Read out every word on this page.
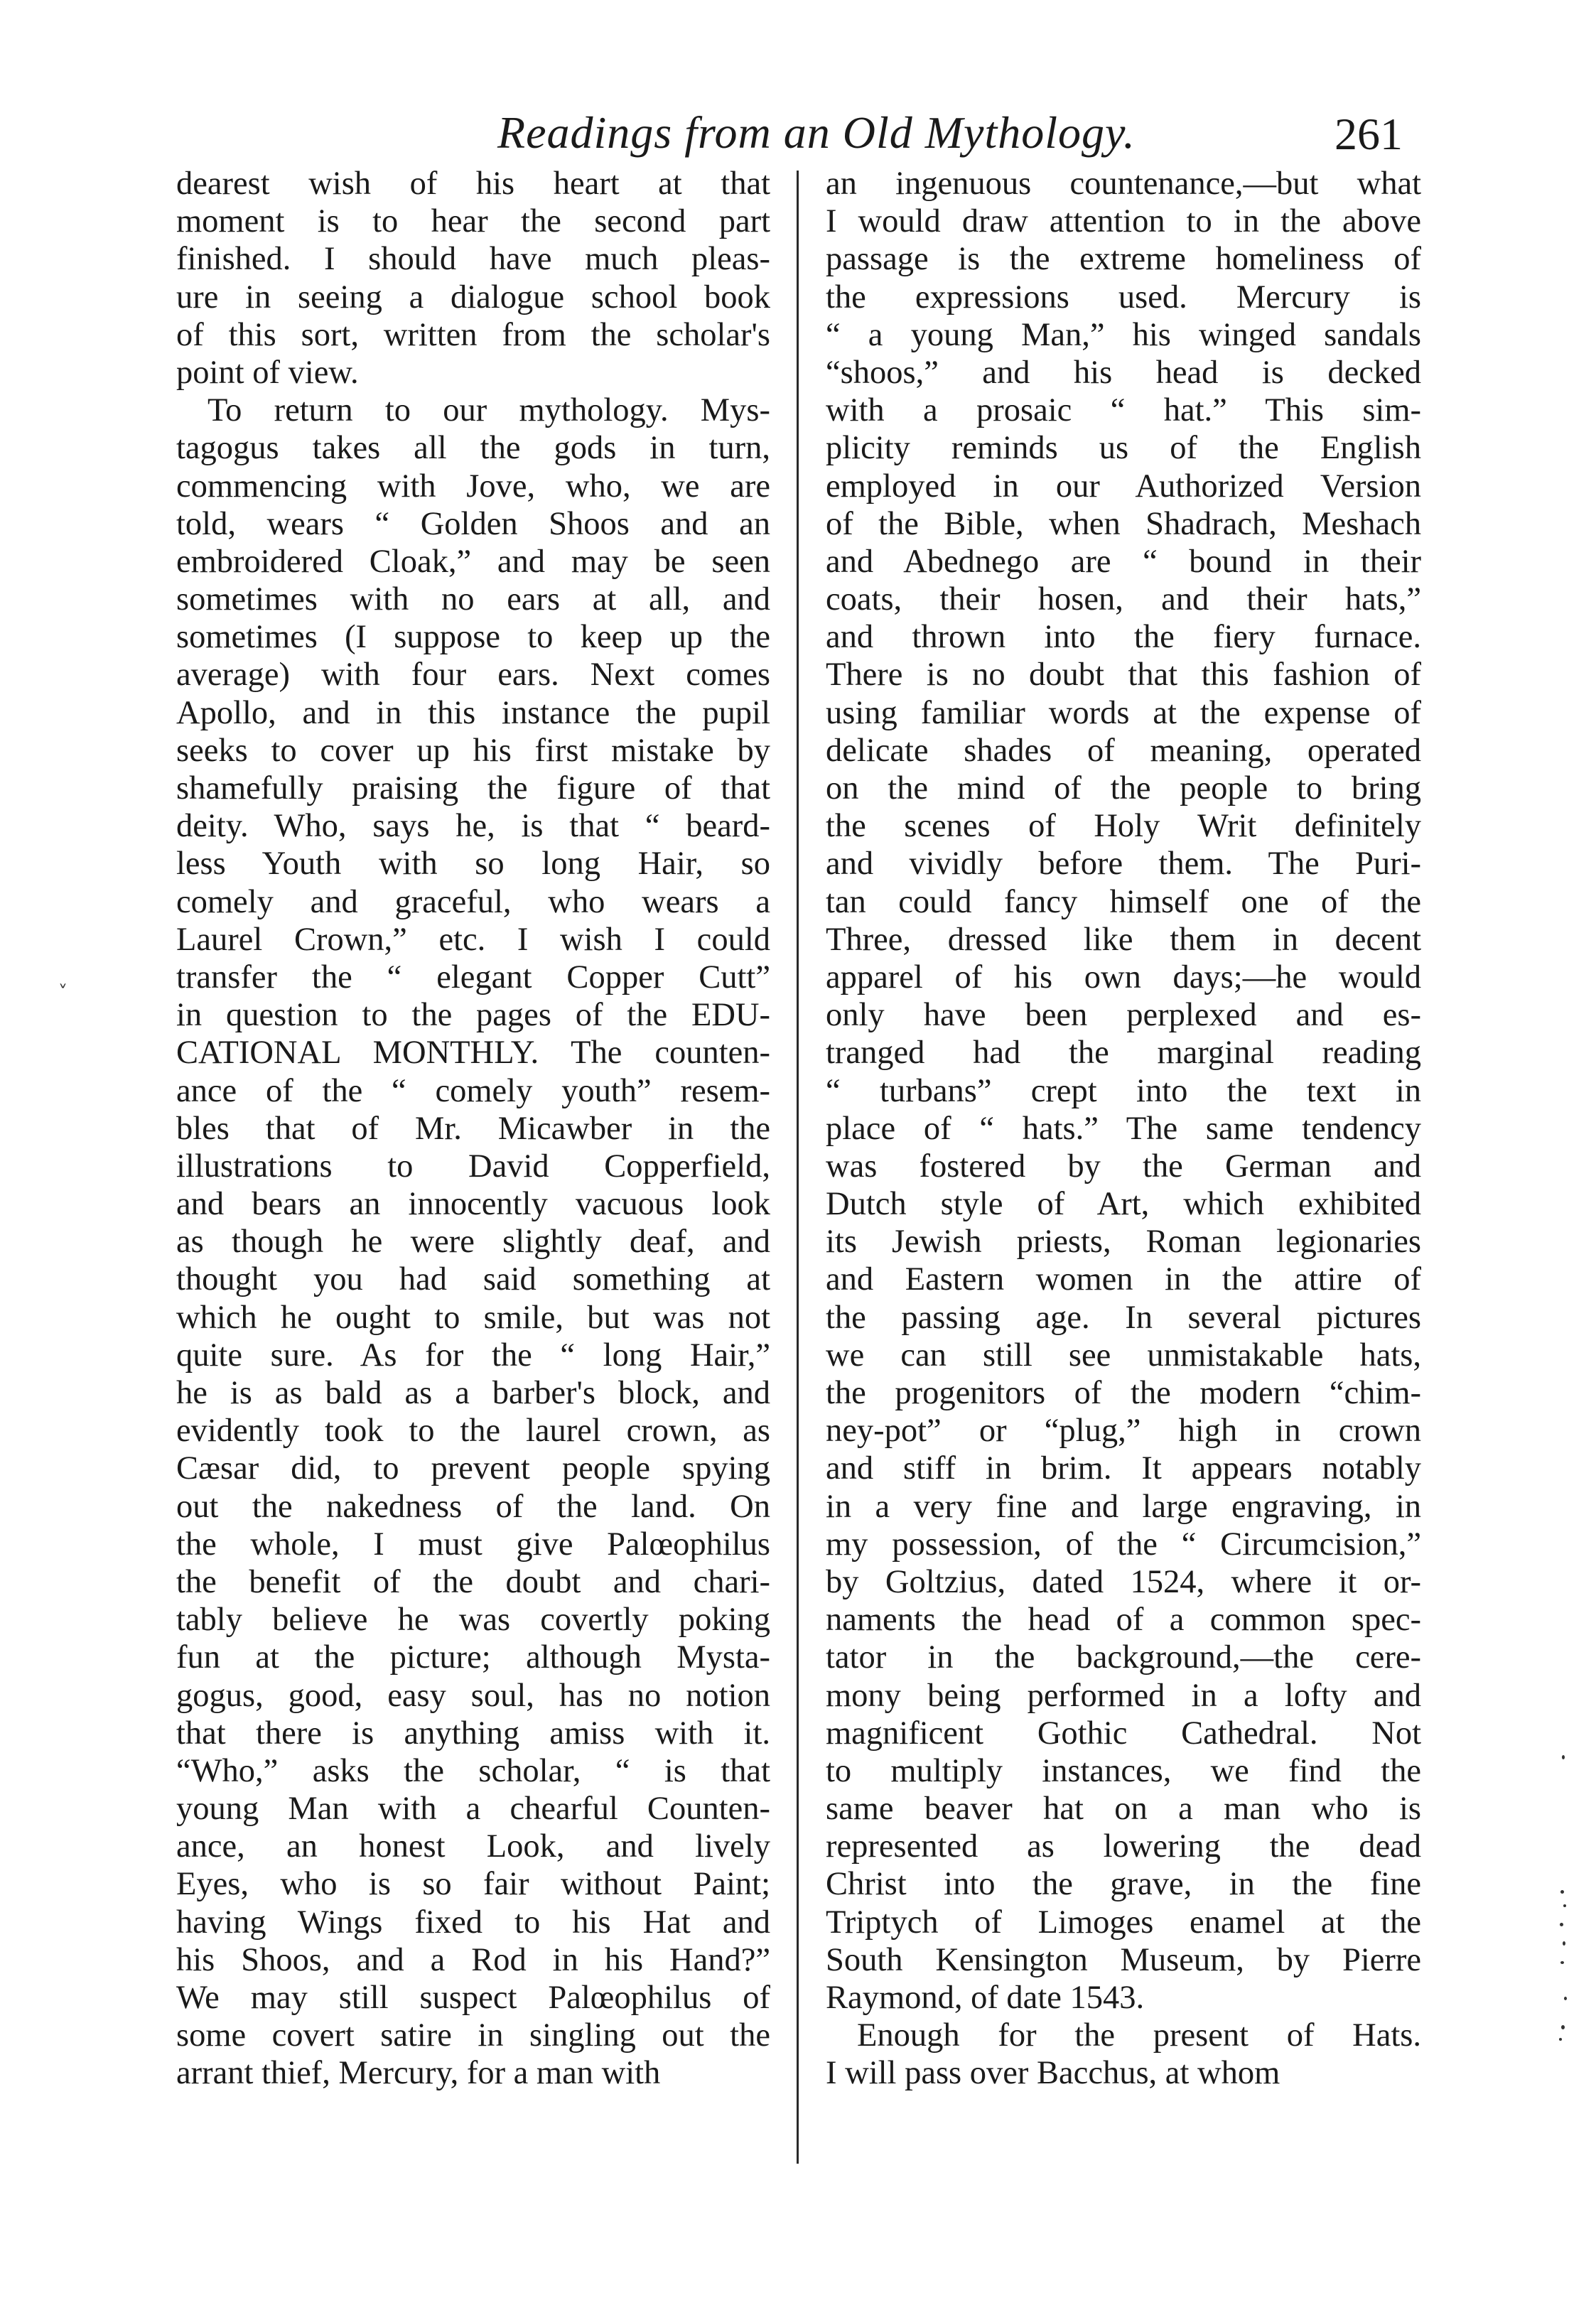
Readings from an Old Mythology.	261
dearest wish of his heart at that
moment is to hear the second part
finished. I should have much pleas-
ure in seeing a dialogue school book
of this sort, written from the scholar's
point of view.
To return to our mythology. Mys-
tagogus takes all the gods in turn,
commencing with Jove, who, we are
told, wears “ Golden Shoos and an
embroidered Cloak,” and may be seen
sometimes with no ears at all, and
sometimes (I suppose to keep up the
average) with four ears. Next comes
Apollo, and in this instance the pupil
seeks to cover up his first mistake by
shamefully praising the figure of that
deity. Who, says he, is that “ beard-
less Youth with so long Hair, so
comely and graceful, who wears a
Laurel Crown,” etc. I wish I could
transfer the “ elegant Copper Cutt”
in question to the pages of the EDU-
CATIONAL MONTHLY. The counten-
ance of the “ comely youth” resem-
bles that of Mr. Micawber in the
illustrations to David Copperfield,
and bears an innocently vacuous look
as though he were slightly deaf, and
thought you had said something at
which he ought to smile, but was not
quite sure. As for the “ long Hair,”
he is as bald as a barber's block, and
evidently took to the laurel crown, as
Cæsar did, to prevent people spying
out the nakedness of the land. On
the whole, I must give Palœophilus
the benefit of the doubt and chari-
tably believe he was covertly poking
fun at the picture; although Mysta-
gogus, good, easy soul, has no notion
that there is anything amiss with it.
“Who,” asks the scholar, “ is that
young Man with a chearful Counten-
ance, an honest Look, and lively
Eyes, who is so fair without Paint;
having Wings fixed to his Hat and
his Shoos, and a Rod in his Hand?”
We may still suspect Palœophilus of
some covert satire in singling out the
arrant thief, Mercury, for a man with
an ingenuous countenance,—but what
I would draw attention to in the above
passage is the extreme homeliness of
the expressions used. Mercury is
“ a young Man,” his winged sandals
“shoos,” and his head is decked
with a prosaic “ hat.” This sim-
plicity reminds us of the English
employed in our Authorized Version
of the Bible, when Shadrach, Meshach
and Abednego are “ bound in their
coats, their hosen, and their hats,”
and thrown into the fiery furnace.
There is no doubt that this fashion of
using familiar words at the expense of
delicate shades of meaning, operated
on the mind of the people to bring
the scenes of Holy Writ definitely
and vividly before them. The Puri-
tan could fancy himself one of the
Three, dressed like them in decent
apparel of his own days;—he would
only have been perplexed and es-
tranged had the marginal reading
“ turbans” crept into the text in
place of “ hats.” The same tendency
was fostered by the German and
Dutch style of Art, which exhibited
its Jewish priests, Roman legionaries
and Eastern women in the attire of
the passing age. In several pictures
we can still see unmistakable hats,
the progenitors of the modern “chim-
ney-pot” or “plug,” high in crown
and stiff in brim. It appears notably
in a very fine and large engraving, in
my possession, of the “ Circumcision,”
by Goltzius, dated 1524, where it or-
naments the head of a common spec-
tator in the background,—the cere-
mony being performed in a lofty and
magnificent Gothic Cathedral. Not
to multiply instances, we find the
same beaver hat on a man who is
represented as lowering the dead
Christ into the grave, in the fine
Triptych of Limoges enamel at the
South Kensington Museum, by Pierre
Raymond, of date 1543.
Enough for the present of Hats.
I will pass over Bacchus, at whom
˅
